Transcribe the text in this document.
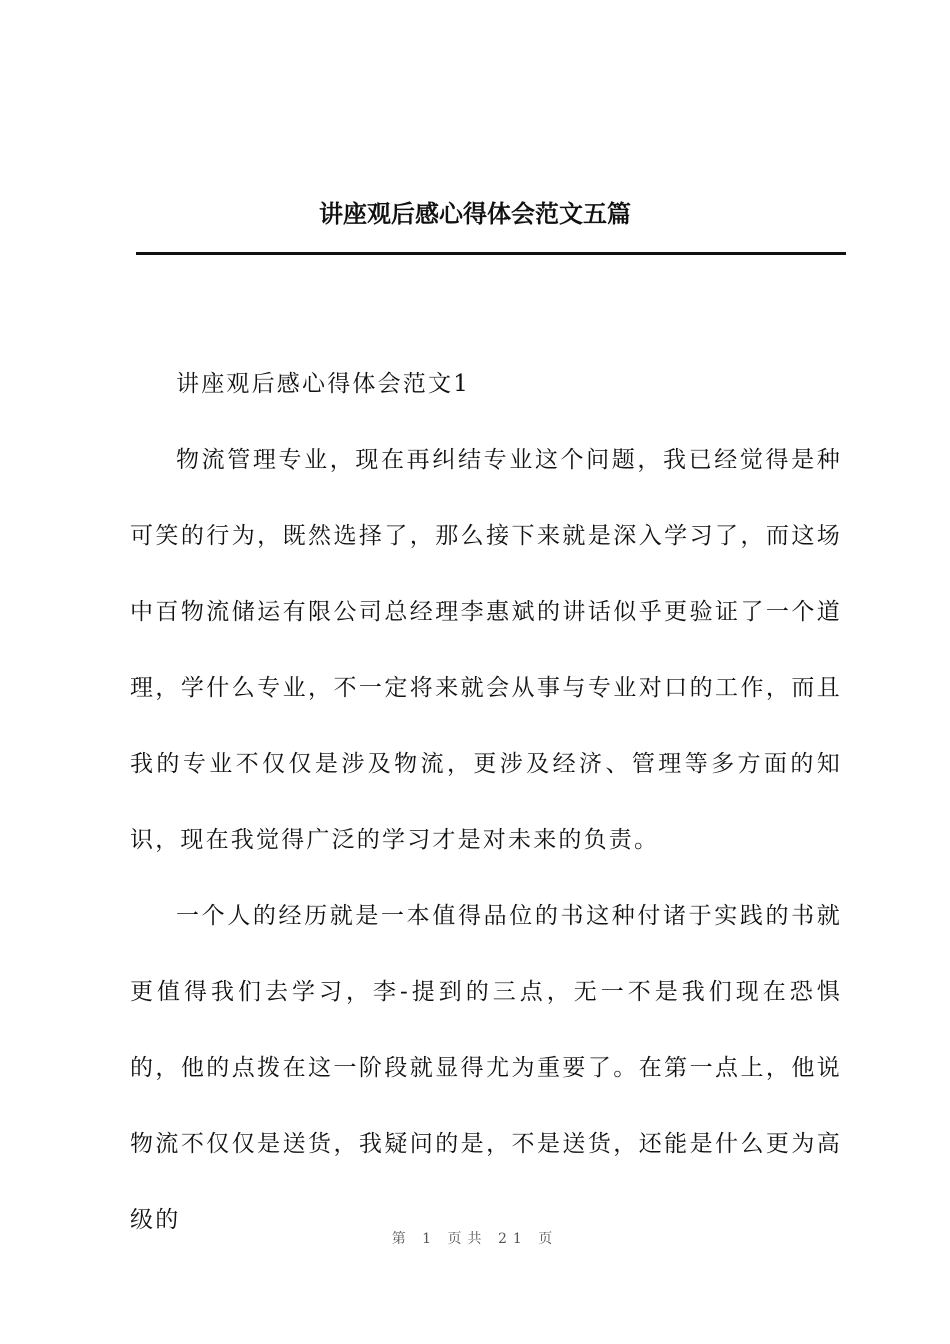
讲座观后感心得体会范文五篇

讲座观后感心得体会范文1

物流管理专业，现在再纠结专业这个问题，我已经觉得是种可笑的行为，既然选择了，那么接下来就是深入学习了，而这场中百物流储运有限公司总经理李惠斌的讲话似乎更验证了一个道理，学什么专业，不一定将来就会从事与专业对口的工作，而且我的专业不仅仅是涉及物流，更涉及经济、管理等多方面的知识，现在我觉得广泛的学习才是对未来的负责。

一个人的经历就是一本值得品位的书这种付诸于实践的书就更值得我们去学习，李-提到的三点，无一不是我们现在恐惧的，他的点拨在这一阶段就显得尤为重要了。在第一点上，他说物流不仅仅是送货，我疑问的是，不是送货，还能是什么更为高级的

第 1 页共 21 页
